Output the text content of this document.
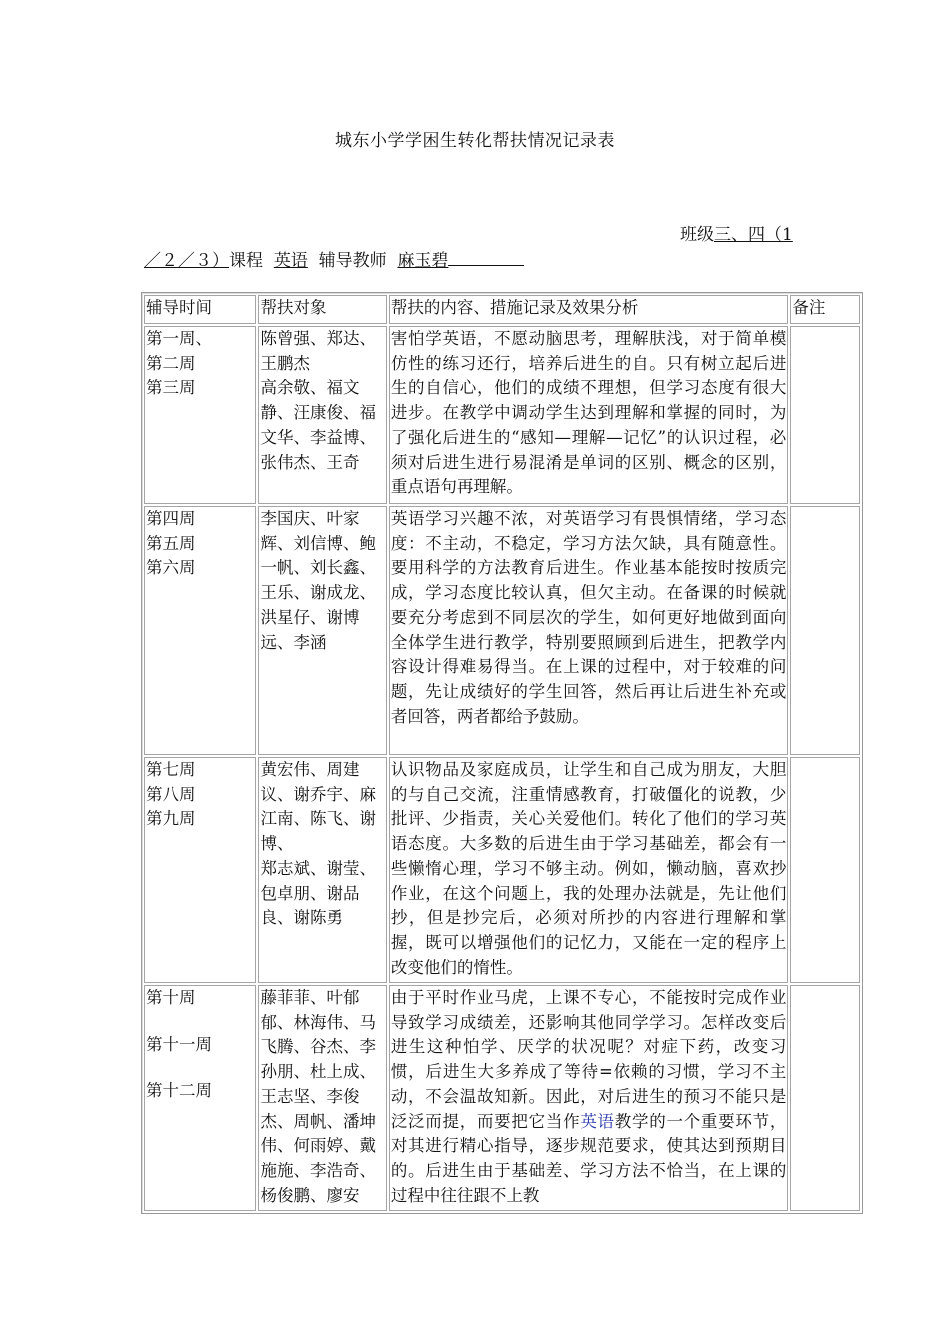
城东小学学困生转化帮扶情况记录表
班级三、四（1
／２／３）课程 英语 辅导教师 麻玉碧
辅导时间	帮扶对象	帮扶的内容、措施记录及效果分析	备注

第一周、
第二周
第三周	陈曾强、郑达、王鹏杰
高余敬、福文静、汪康俊、福文华、李益博、张伟杰、王奇	害怕学英语，不愿动脑思考，理解肤浅，对于简单模仿性的练习还行，培养后进生的自。只有树立起后进生的自信心，他们的成绩不理想，但学习态度有很大进步。在教学中调动学生达到理解和掌握的同时，为了强化后进生的“感知—理解—记忆”的认识过程，必须对后进生进行易混淆是单词的区别、概念的区别，重点语句再理解。	

第四周
第五周
第六周	李国庆、叶家辉、刘信博、鲍一帆、刘长鑫、王乐、谢成龙、洪星仔、谢博远、李涵	英语学习兴趣不浓，对英语学习有畏惧情绪，学习态度：不主动，不稳定，学习方法欠缺，具有随意性。要用科学的方法教育后进生。作业基本能按时按质完成，学习态度比较认真，但欠主动。在备课的时候就要充分考虑到不同层次的学生，如何更好地做到面向全体学生进行教学，特别要照顾到后进生，把教学内容设计得难易得当。在上课的过程中，对于较难的问题，先让成绩好的学生回答，然后再让后进生补充或者回答，两者都给予鼓励。	

第七周
第八周
第九周	黄宏伟、周建议、谢乔宇、麻江南、陈飞、谢博、
郑志斌、谢莹、包卓朋、谢品良、谢陈勇	认识物品及家庭成员，让学生和自己成为朋友，大胆的与自己交流，注重情感教育，打破僵化的说教，少批评、少指责，关心关爱他们。转化了他们的学习英语态度。大多数的后进生由于学习基础差，都会有一些懒惰心理，学习不够主动。例如，懒动脑，喜欢抄作业，在这个问题上，我的处理办法就是，先让他们抄，但是抄完后，必须对所抄的内容进行理解和掌握，既可以增强他们的记忆力，又能在一定的程序上改变他们的惰性。	

第十周
第十一周
第十二周	藤菲菲、叶郁郁、林海伟、马飞腾、谷杰、李孙朋、杜上成、王志坚、李俊杰、周帆、潘坤伟、何雨婷、戴施施、李浩奇、杨俊鹏、廖安	由于平时作业马虎，上课不专心，不能按时完成作业导致学习成绩差，还影响其他同学学习。怎样改变后进生这种怕学、厌学的状况呢？对症下药，改变习惯，后进生大多养成了等待=依赖的习惯，学习不主动，不会温故知新。因此，对后进生的预习不能只是泛泛而提，而要把它当作英语教学的一个重要环节，对其进行精心指导，逐步规范要求，使其达到预期目的。后进生由于基础差、学习方法不恰当，在上课的过程中往往跟不上教	
